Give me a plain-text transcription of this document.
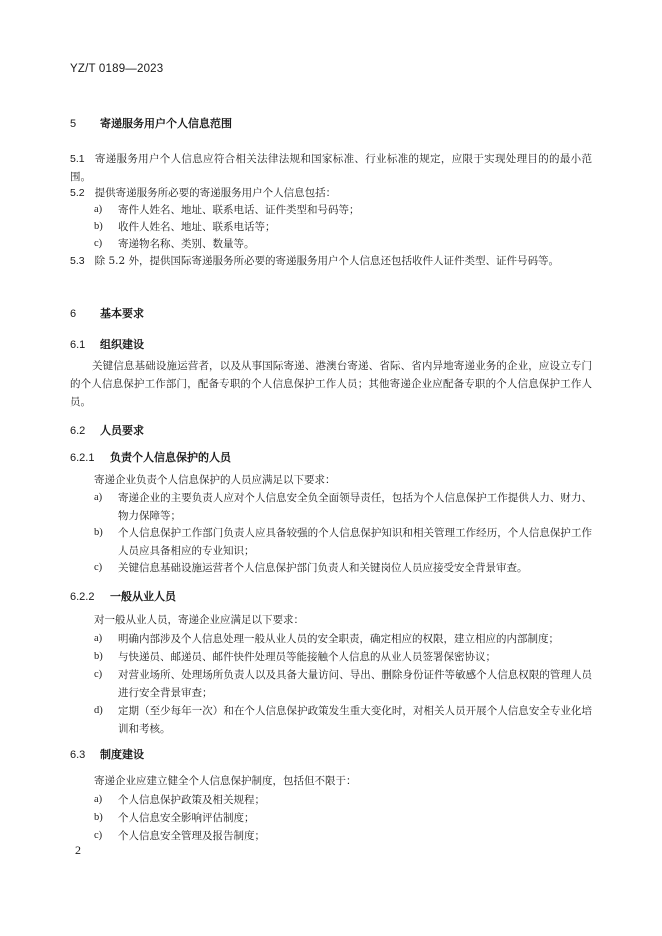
YZ/T 0189—2023
5 寄递服务用户个人信息范围
5.1 寄递服务用户个人信息应符合相关法律法规和国家标准、行业标准的规定，应限于实现处理目的的最小范围。
5.2 提供寄递服务所必要的寄递服务用户个人信息包括：
a) 寄件人姓名、地址、联系电话、证件类型和号码等；
b) 收件人姓名、地址、联系电话等；
c) 寄递物名称、类别、数量等。
5.3 除 5.2 外，提供国际寄递服务所必要的寄递服务用户个人信息还包括收件人证件类型、证件号码等。
6 基本要求
6.1 组织建设
关键信息基础设施运营者，以及从事国际寄递、港澳台寄递、省际、省内异地寄递业务的企业，应设立专门的个人信息保护工作部门，配备专职的个人信息保护工作人员；其他寄递企业应配备专职的个人信息保护工作人员。
6.2 人员要求
6.2.1 负责个人信息保护的人员
寄递企业负责个人信息保护的人员应满足以下要求：
a) 寄递企业的主要负责人应对个人信息安全负全面领导责任，包括为个人信息保护工作提供人力、财力、物力保障等；
b) 个人信息保护工作部门负责人应具备较强的个人信息保护知识和相关管理工作经历，个人信息保护工作人员应具备相应的专业知识；
c) 关键信息基础设施运营者个人信息保护部门负责人和关键岗位人员应接受安全背景审查。
6.2.2 一般从业人员
对一般从业人员，寄递企业应满足以下要求：
a) 明确内部涉及个人信息处理一般从业人员的安全职责，确定相应的权限，建立相应的内部制度；
b) 与快递员、邮递员、邮件快件处理员等能接触个人信息的从业人员签署保密协议；
c) 对营业场所、处理场所负责人以及具备大量访问、导出、删除身份证件等敏感个人信息权限的管理人员进行安全背景审查；
d) 定期（至少每年一次）和在个人信息保护政策发生重大变化时，对相关人员开展个人信息安全专业化培训和考核。
6.3 制度建设
寄递企业应建立健全个人信息保护制度，包括但不限于：
a) 个人信息保护政策及相关规程；
b) 个人信息安全影响评估制度；
c) 个人信息安全管理及报告制度；
2
